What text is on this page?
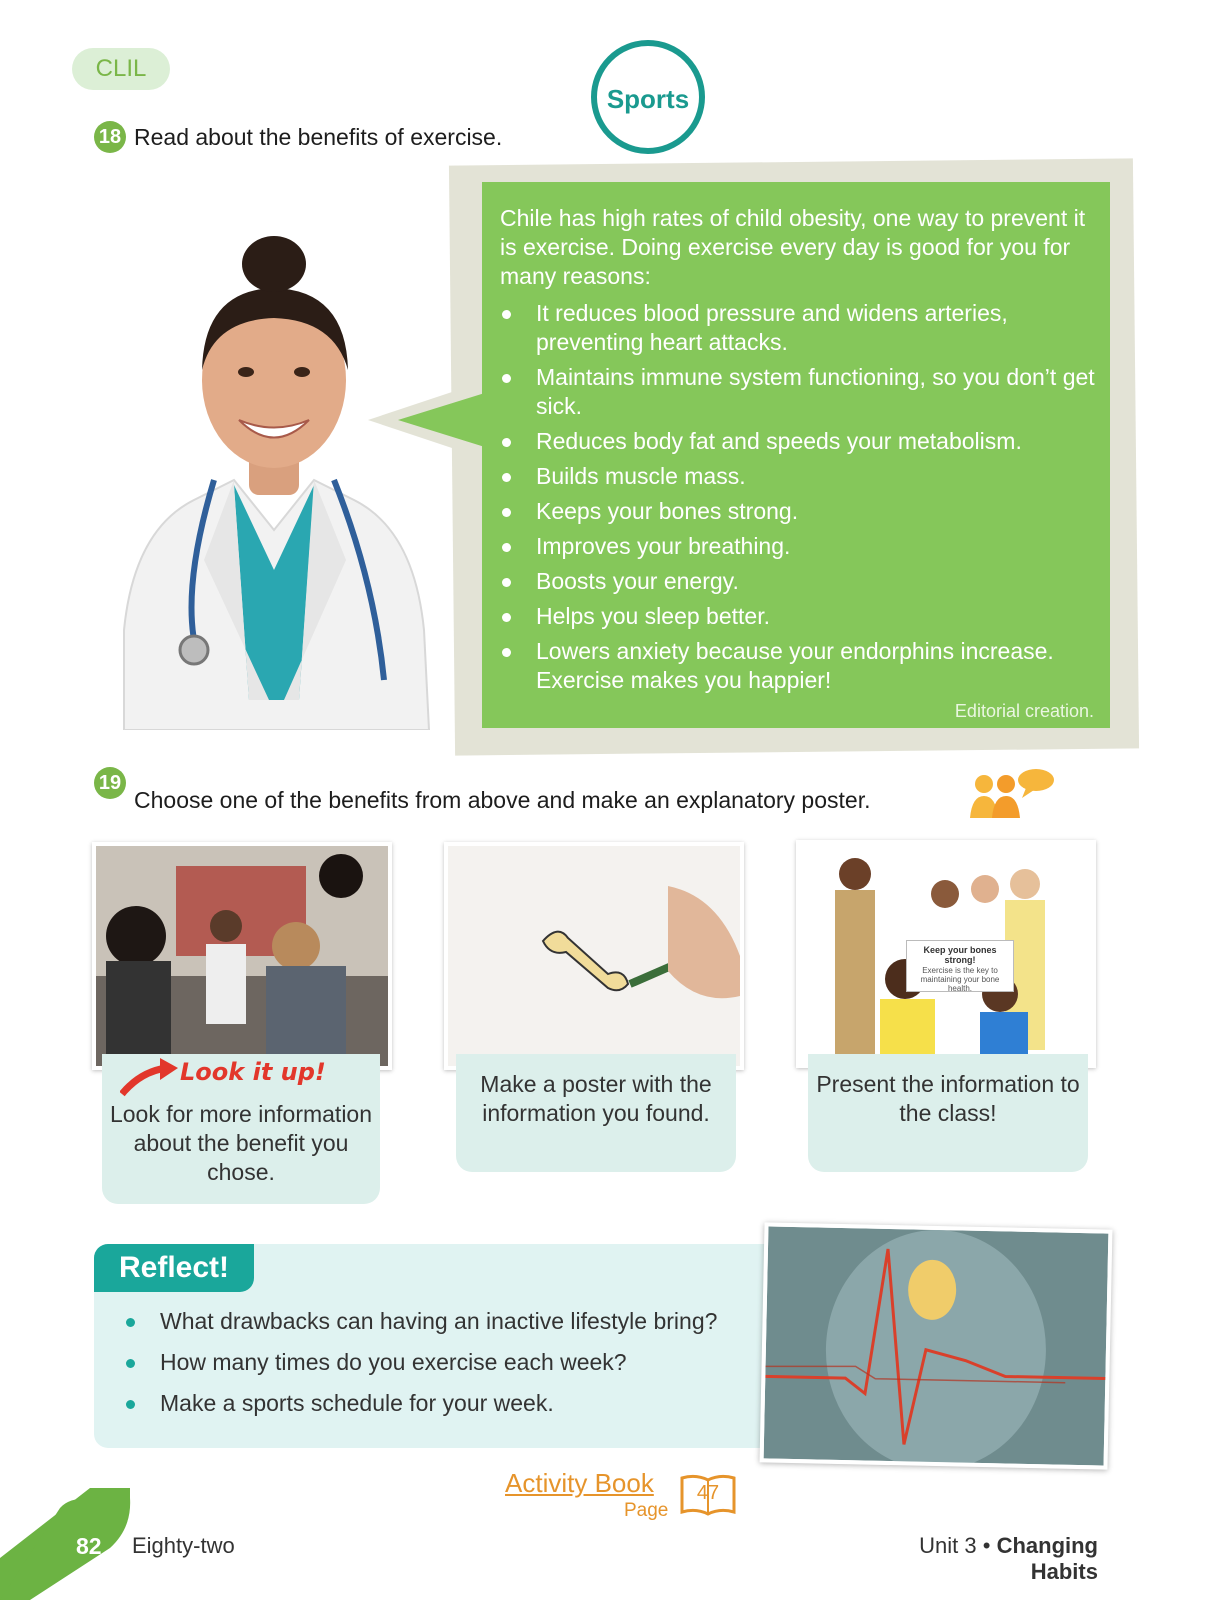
CLIL
Sports
18 Read about the benefits of exercise.

Chile has high rates of child obesity, one way to prevent it is exercise. Doing exercise every day is good for you for many reasons:

It reduces blood pressure and widens arteries, preventing heart attacks.
Maintains immune system functioning, so you don’t get sick.
Reduces body fat and speeds your metabolism.
Builds muscle mass.
Keeps your bones strong.
Improves your breathing.
Boosts your energy.
Helps you sleep better.
Lowers anxiety because your endorphins increase. Exercise makes you happier!
Editorial creation.
19
Choose one of the benefits from above and make an explanatory poster.
Look for more information about the benefit you chose.
Look it up!	Make a poster with the information you found.
Keep your bones strong!
Exercise is the key to maintaining your bone health.
Present the information to the class!
Reflect!
What drawbacks can having an inactive lifestyle bring?
How many times do you exercise each week?
Make a sports schedule for your week.
Activity Book
Page
47
82 Eighty-two	Unit 3 • Changing Habits
